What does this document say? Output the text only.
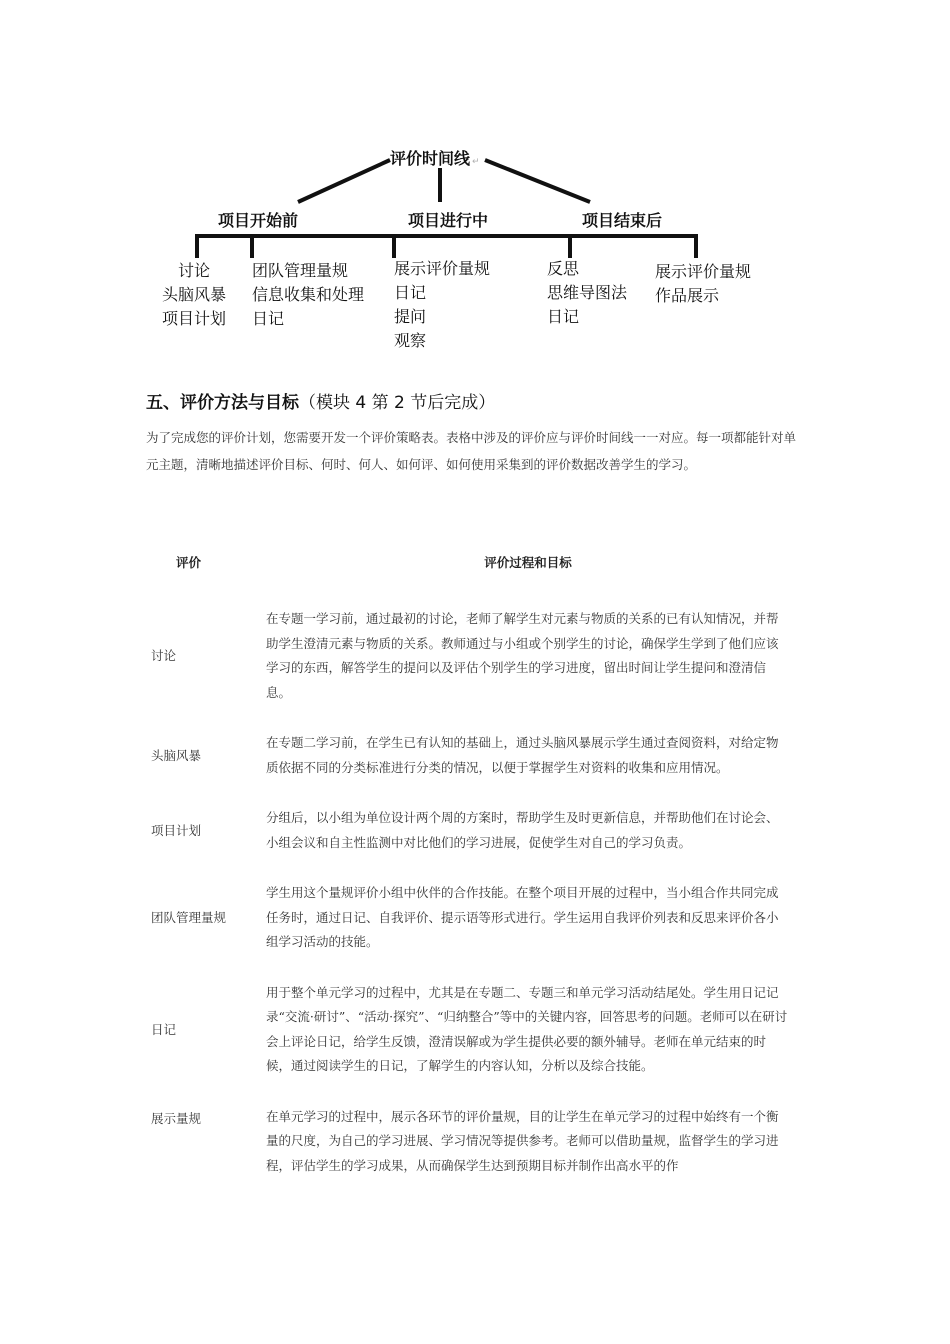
评价时间线 ↵
项目开始前	项目进行中	项目结束后
讨论
头脑风暴
项目计划
团队管理量规
信息收集和处理
日记
展示评价量规
日记
提问
观察
反思
思维导图法
日记
展示评价量规
作品展示
五、评价方法与目标（模块 4 第 2 节后完成）

为了完成您的评价计划，您需要开发一个评价策略表。表格中涉及的评价应与评价时间线一一对应。每一项都能针对单元主题，清晰地描述评价目标、何时、何人、如何评、如何使用采集到的评价数据改善学生的学习。

评价	评价过程和目标

讨论	在专题一学习前，通过最初的讨论，老师了解学生对元素与物质的关系的已有认知情况，并帮助学生澄清元素与物质的关系。教师通过与小组或个别学生的讨论，确保学生学到了他们应该学习的东西，解答学生的提问以及评估个别学生的学习进度，留出时间让学生提问和澄清信息。

头脑风暴	在专题二学习前，在学生已有认知的基础上，通过头脑风暴展示学生通过查阅资料，对给定物质依据不同的分类标准进行分类的情况，以便于掌握学生对资料的收集和应用情况。

项目计划	分组后，以小组为单位设计两个周的方案时，帮助学生及时更新信息，并帮助他们在讨论会、小组会议和自主性监测中对比他们的学习进展，促使学生对自己的学习负责。

团队管理量规	学生用这个量规评价小组中伙伴的合作技能。在整个项目开展的过程中，当小组合作共同完成任务时，通过日记、自我评价、提示语等形式进行。学生运用自我评价列表和反思来评价各小组学习活动的技能。

日记	用于整个单元学习的过程中，尤其是在专题二、专题三和单元学习活动结尾处。学生用日记记录“交流·研讨”、“活动·探究”、“归纳整合”等中的关键内容，回答思考的问题。老师可以在研讨会上评论日记，给学生反馈，澄清误解或为学生提供必要的额外辅导。老师在单元结束的时候，通过阅读学生的日记，了解学生的内容认知，分析以及综合技能。

展示量规	在单元学习的过程中，展示各环节的评价量规，目的让学生在单元学习的过程中始终有一个衡量的尺度，为自己的学习进展、学习情况等提供参考。老师可以借助量规，监督学生的学习进程，评估学生的学习成果，从而确保学生达到预期目标并制作出高水平的作
